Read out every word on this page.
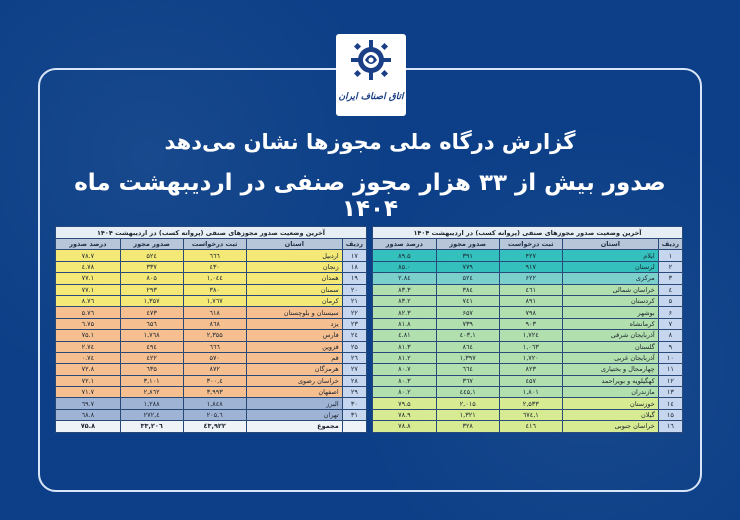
اتاق اصناف ایران
گزارش درگاه ملی مجوزها نشان می‌دهد
صدور بیش از ۳۳ هزار مجوز صنفی در اردیبهشت ماه ۱۴۰۴
آخرین وضعیت صدور مجوزهای صنفی (پروانه کسب) در اردیبهشت ۱۴۰۴				
ردیف	استان	ثبت درخواست	صدور مجوز	درصد صدور
۱	ایلام	۴۲۷	۳۹۱	۸۹.۵
۲	لرستان	۹۱۷	۷۷۹	۸۵.۰
۳	مرکزی	۶۲۲	۵۲٤	۸٤.۲
٤	خراسان شمالی	٤٦۱	۳۸٤	۸۳.۳
۵	کردستان	۸۹۱	۷٤۱	۸۳.۲
۶	بوشهر	۷۹۸	۶۵۷	۸۲.۳
۷	کرمانشاه	۹۰۳	۷۳۹	۸۱.۸
۸	آذربایجان شرقی	۱,۷۲٤	۱,٤۰۳	۸۱.٤
۹	گلستان	۱,۰٦۳	۸٦٤	۸۱.۳
۱۰	آذربایجان غربی	۱,۷۲۰	۱,۳۹۷	۸۱.۲
۱۱	چهارمحال و بختیاری	۸۲۳	٦٦٤	۸۰.۷
۱۲	کهگیلویه و بویراحمد	٤۵۷	۳٦۷	۸۰.۳
۱۳	مازندران	۱,۸۰۱	۱,٤٤۵	۸۰.۲
۱٤	خوزستان	۲,۵۳۳	۲,۰۱۵	۷۹.۵
۱۵	گیلان	۱,٦۷٤	۱,۳۲۱	۷۸.۹
۱٦	خراسان جنوبی	٤۱٦	۳۲۸	۷۸.۸
آخرین وضعیت صدور مجوزهای صنفی (پروانه کسب) در اردیبهشت ۱۴۰۴				
ردیف	استان	ثبت درخواست	صدور مجوز	درصد صدور
۱۷	اردبیل	٦٦٦	۵۲٤	۷۸.۷
۱۸	زنجان	٤۳۰	۳۳۷	۷۸.٤
۱۹	همدان	۱,۰٤٤	۸۰۵	۷۷.۱
۲۰	سمنان	۳۸۰	۲۹۳	۷۷.۱
۲۱	کرمان	۱,۷٦۷	۱,۳۵۷	۷٦.۸
۲۲	سیستان و بلوچستان	٦۱۸	٤۷۳	۷٦.۵
۲۳	یزد	۸٦۸	٦۵٦	۷۵.٦
۲٤	فارس	۲,۳۵۵	۱,۷٦۸	۷۵.۱
۲۵	قزوین	٦٦٦	٤۹٤	۷٤.۲
۲٦	قم	۵۷۰	٤۲۲	۷٤.۰
۲۷	هرمزگان	۸۷۲	٦۳۵	۷۲.۸
۲۸	خراسان رضوی	٤,۳۰۰	۳,۱۰۱	۷۲.۱
۲۹	اصفهان	۳,۹۹۳	۲,۸٦۲	۷۱.۷
۳۰	البرز	۱,۸٤۸	۱,۲۸۸	٦۹.۷
۳۱	تهران	٦,۲۰۵	٤,۲۷۲	٦۸.۸
	مجموع	٤۳,۹۲۲	۳۳,۲۰٦	۷۵.۸
